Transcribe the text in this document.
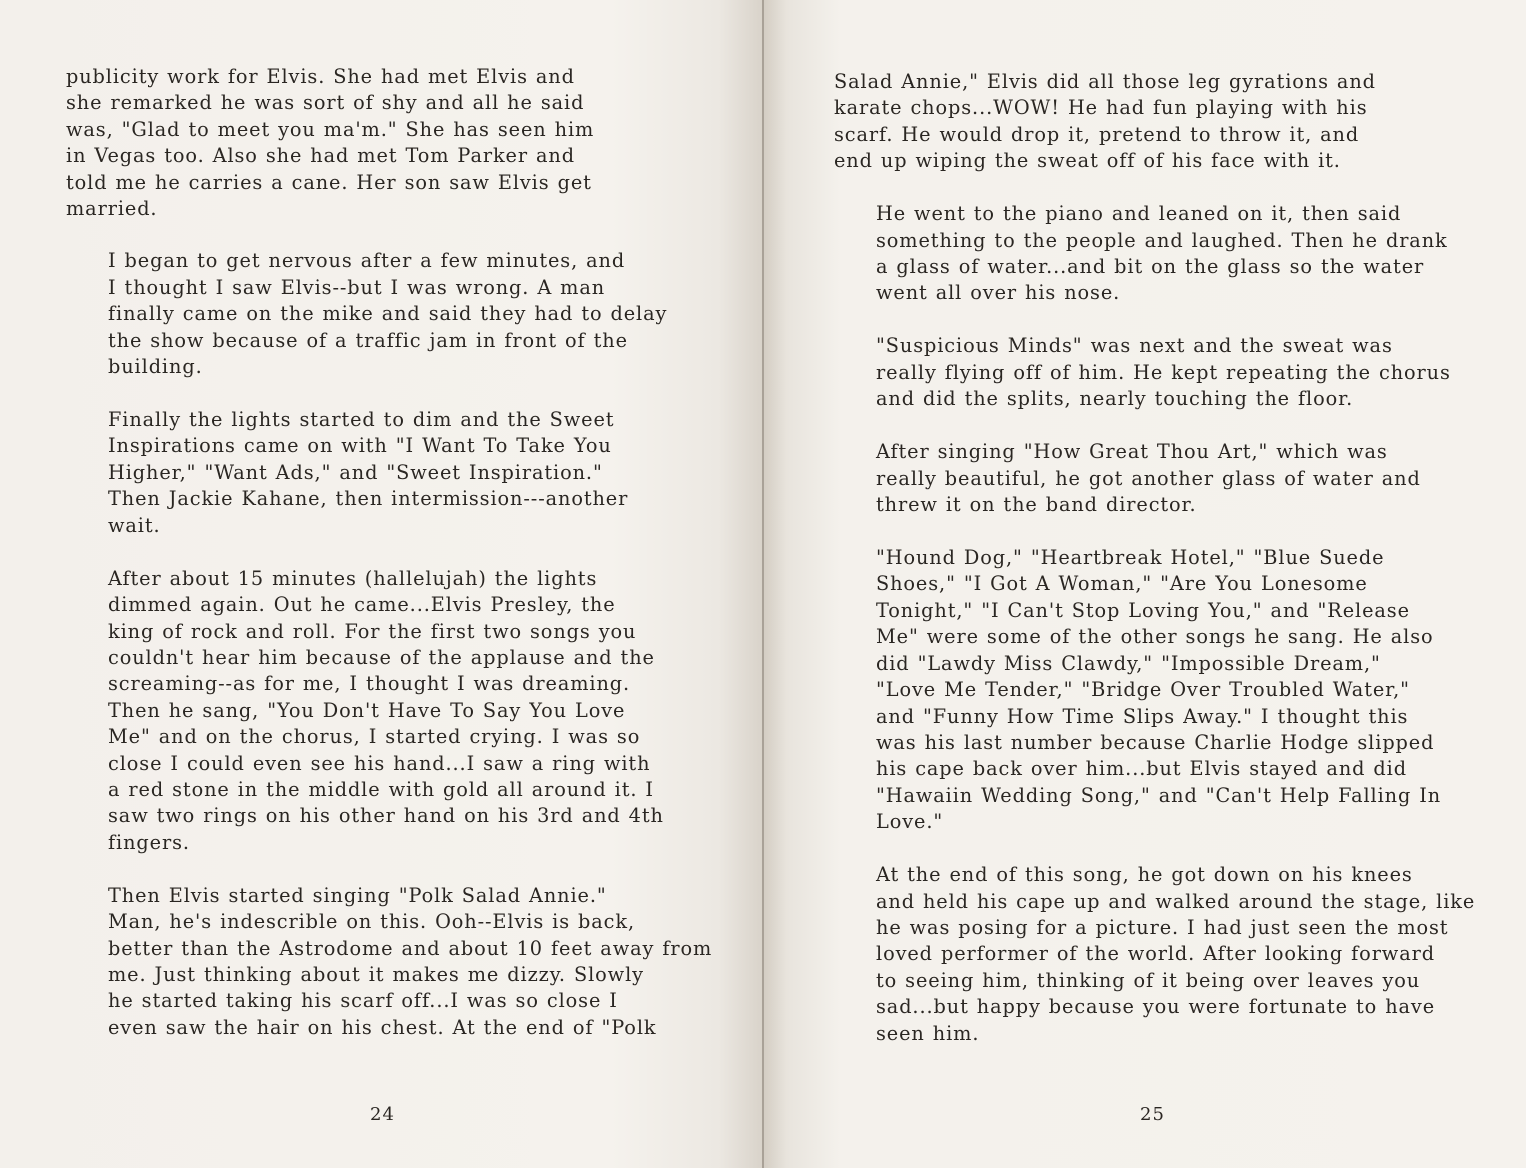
publicity work for Elvis. She had met Elvis and
she remarked he was sort of shy and all he said
was, "Glad to meet you ma'm." She has seen him
in Vegas too. Also she had met Tom Parker and
told me he carries a cane. Her son saw Elvis get
married.

I began to get nervous after a few minutes, and
I thought I saw Elvis--but I was wrong. A man
finally came on the mike and said they had to delay
the show because of a traffic jam in front of the
building.

Finally the lights started to dim and the Sweet
Inspirations came on with "I Want To Take You
Higher," "Want Ads," and "Sweet Inspiration."
Then Jackie Kahane, then intermission---another
wait.

After about 15 minutes (hallelujah) the lights
dimmed again. Out he came...Elvis Presley, the
king of rock and roll. For the first two songs you
couldn't hear him because of the applause and the
screaming--as for me, I thought I was dreaming.
Then he sang, "You Don't Have To Say You Love
Me" and on the chorus, I started crying. I was so
close I could even see his hand...I saw a ring with
a red stone in the middle with gold all around it. I
saw two rings on his other hand on his 3rd and 4th
fingers.

Then Elvis started singing "Polk Salad Annie."
Man, he's indescrible on this. Ooh--Elvis is back,
better than the Astrodome and about 10 feet away from
me. Just thinking about it makes me dizzy. Slowly
he started taking his scarf off...I was so close I
even saw the hair on his chest. At the end of "Polk

24

Salad Annie," Elvis did all those leg gyrations and
karate chops...WOW! He had fun playing with his
scarf. He would drop it, pretend to throw it, and
end up wiping the sweat off of his face with it.

He went to the piano and leaned on it, then said
something to the people and laughed. Then he drank
a glass of water...and bit on the glass so the water
went all over his nose.

"Suspicious Minds" was next and the sweat was
really flying off of him. He kept repeating the chorus
and did the splits, nearly touching the floor.

After singing "How Great Thou Art," which was
really beautiful, he got another glass of water and
threw it on the band director.

"Hound Dog," "Heartbreak Hotel," "Blue Suede
Shoes," "I Got A Woman," "Are You Lonesome
Tonight," "I Can't Stop Loving You," and "Release
Me" were some of the other songs he sang. He also
did "Lawdy Miss Clawdy," "Impossible Dream,"
"Love Me Tender," "Bridge Over Troubled Water,"
and "Funny How Time Slips Away." I thought this
was his last number because Charlie Hodge slipped
his cape back over him...but Elvis stayed and did
"Hawaiin Wedding Song," and "Can't Help Falling In
Love."

At the end of this song, he got down on his knees
and held his cape up and walked around the stage, like
he was posing for a picture. I had just seen the most
loved performer of the world. After looking forward
to seeing him, thinking of it being over leaves you
sad...but happy because you were fortunate to have
seen him.

25
